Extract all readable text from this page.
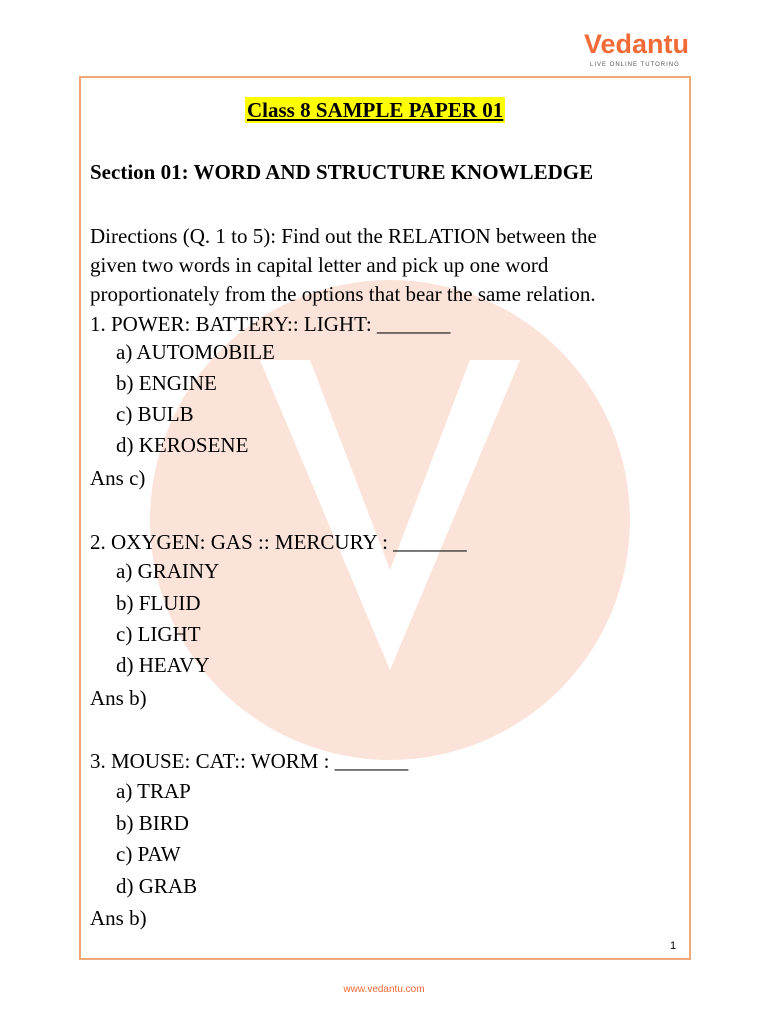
Vedantu
LIVE ONLINE TUTORING
Class 8 SAMPLE PAPER 01
Section 01: WORD AND STRUCTURE KNOWLEDGE
Directions (Q. 1 to 5): Find out the RELATION between the
given two words in capital letter and pick up one word
proportionately from the options that bear the same relation.
1. POWER: BATTERY:: LIGHT: _______
a) AUTOMOBILE
b) ENGINE
c) BULB
d) KEROSENE
Ans c)
2. OXYGEN: GAS :: MERCURY : _______
a) GRAINY
b) FLUID
c) LIGHT
d) HEAVY
Ans b)
3. MOUSE: CAT:: WORM : _______
a) TRAP
b) BIRD
c) PAW
d) GRAB
Ans b)
1
www.vedantu.com
